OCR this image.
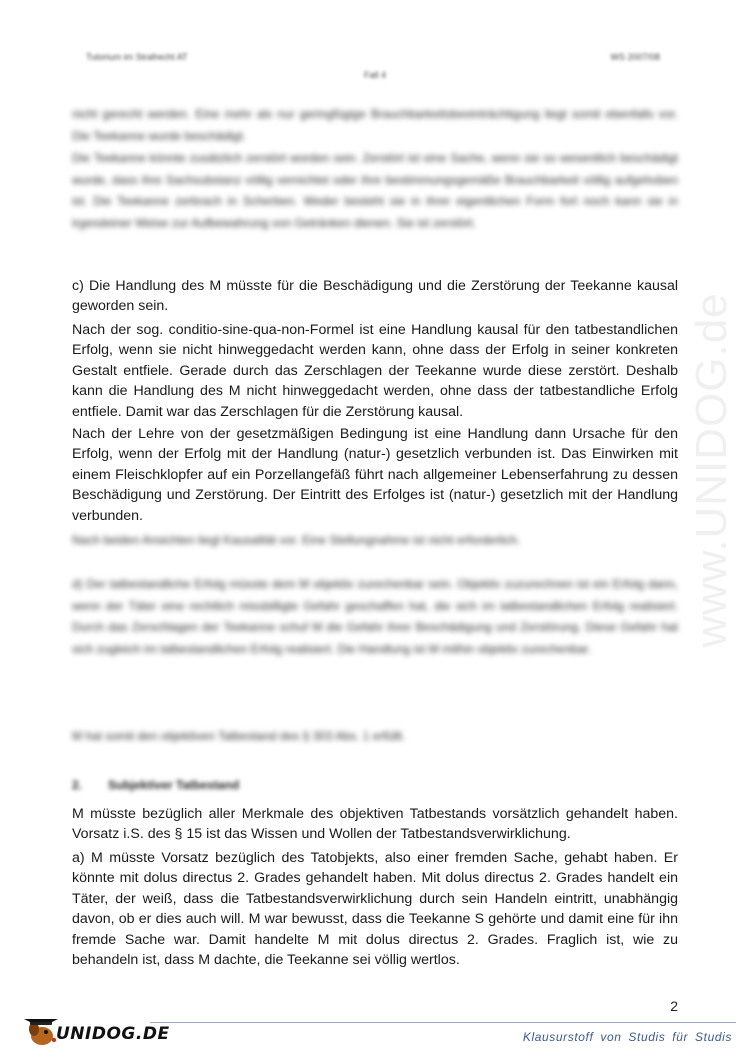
www.UNIDOG.de
Tutorium im Strafrecht AT	WS 2007/08
Fall 4

nicht gerecht werden. Eine mehr als nur geringfügige Brauchbarkeitsbeeinträchtigung liegt somit ebenfalls vor. Die Teekanne wurde beschädigt.

Die Teekanne könnte zusätzlich zerstört worden sein. Zerstört ist eine Sache, wenn sie so wesentlich beschädigt wurde, dass ihre Sachsubstanz völlig vernichtet oder ihre bestimmungsgemäße Brauchbarkeit völlig aufgehoben ist. Die Teekanne zerbrach in Scherben. Weder besteht sie in ihrer eigentlichen Form fort noch kann sie in irgendeiner Weise zur Aufbewahrung von Getränken dienen. Sie ist zerstört.

c) Die Handlung des M müsste für die Beschädigung und die Zerstörung der Teekanne kausal geworden sein.

Nach der sog. conditio-sine-qua-non-Formel ist eine Handlung kausal für den tatbestandlichen Erfolg, wenn sie nicht hinweggedacht werden kann, ohne dass der Erfolg in seiner konkreten Gestalt entfiele. Gerade durch das Zerschlagen der Teekanne wurde diese zerstört. Deshalb kann die Handlung des M nicht hinweggedacht werden, ohne dass der tatbestandliche Erfolg entfiele. Damit war das Zerschlagen für die Zerstörung kausal.

Nach der Lehre von der gesetzmäßigen Bedingung ist eine Handlung dann Ursache für den Erfolg, wenn der Erfolg mit der Handlung (natur-) gesetzlich verbunden ist. Das Einwirken mit einem Fleischklopfer auf ein Porzellangefäß führt nach allgemeiner Lebenserfahrung zu dessen Beschädigung und Zerstörung. Der Eintritt des Erfolges ist (natur-) gesetzlich mit der Handlung verbunden.

Nach beiden Ansichten liegt Kausalität vor. Eine Stellungnahme ist nicht erforderlich.

d) Der tatbestandliche Erfolg müsste dem M objektiv zurechenbar sein. Objektiv zuzurechnen ist ein Erfolg dann, wenn der Täter eine rechtlich missbilligte Gefahr geschaffen hat, die sich im tatbestandlichen Erfolg realisiert. Durch das Zerschlagen der Teekanne schuf M die Gefahr ihrer Beschädigung und Zerstörung. Diese Gefahr hat sich zugleich im tatbestandlichen Erfolg realisiert. Die Handlung ist M mithin objektiv zurechenbar.

M hat somit den objektiven Tatbestand des § 303 Abs. 1 erfüllt.

2. Subjektiver Tatbestand

M müsste bezüglich aller Merkmale des objektiven Tatbestands vorsätzlich gehandelt haben. Vorsatz i.S. des § 15 ist das Wissen und Wollen der Tatbestandsverwirklichung.

a) M müsste Vorsatz bezüglich des Tatobjekts, also einer fremden Sache, gehabt haben. Er könnte mit dolus directus 2. Grades gehandelt haben. Mit dolus directus 2. Grades handelt ein Täter, der weiß, dass die Tatbestandsverwirklichung durch sein Handeln eintritt, unabhängig davon, ob er dies auch will. M war bewusst, dass die Teekanne S gehörte und damit eine für ihn fremde Sache war. Damit handelte M mit dolus directus 2. Grades. Fraglich ist, wie zu behandeln ist, dass M dachte, die Teekanne sei völlig wertlos.

2
UNIDOG.DE	Klausurstoff von Studis für Studis
